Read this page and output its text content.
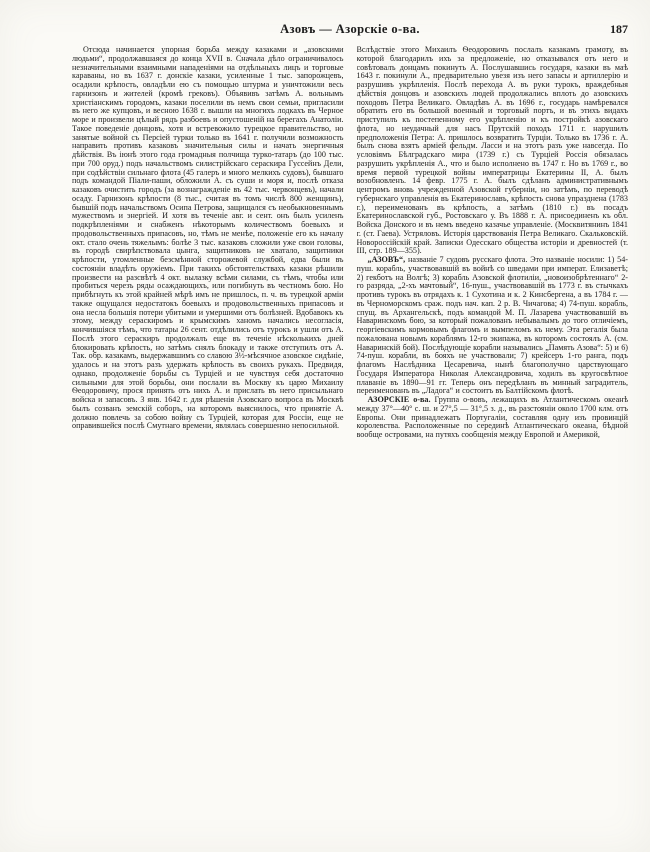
Азовъ — Азорскіе о-ва.	187

Отсюда начинается упорная борьба между казаками и „азовскими людьми“, продолжавшаяся до конца XVII в. Сначала дѣло ограничивалось незначительными взаимными нападеніями на отдѣльныхъ лицъ и торговые караваны, но въ 1637 г. донскіе казаки, усиленные 1 тыс. запорожцевъ, осадили крѣпость, овладѣли ею съ помощью штурма и уничтожили весь гарнизонъ и жителей (кромѣ грековъ). Объявивъ затѣмъ А. вольнымъ христіанскимъ городомъ, казаки поселили въ немъ свои семьи, пригласили въ него же купцовъ, и весною 1638 г. вышли на многихъ лодкахъ въ Черное море и произвели цѣлый рядъ разбоевъ и опустошеній на берегахъ Анатоліи. Такое поведеніе донцовъ, хотя и встревожило турецкое правительство, но занятые войной съ Персіей турки только въ 1641 г. получили возможность направить противъ казаковъ значительныя силы и начать энергичныя дѣйствія. Въ іюнѣ этого года громадныя полчища турко-татаръ (до 100 тыс. при 700 оруд.) подъ начальствомъ силистрійскаго сераскира Гуссейнъ Дели, при содѣйствіи сильнаго флота (45 галеръ и много мелкихъ судовъ), бывшаго подъ командой Піали-паши, обложили А. съ суши и моря и, послѣ отказа казаковъ очистить городъ (за вознагражденіе въ 42 тыс. червонцевъ), начали осаду. Гарнизонъ крѣпости (8 тыс., считая въ томъ числѣ 800 женщинъ), бывшій подъ начальствомъ Осипа Петрова, защищался съ необыкновеннымъ мужествомъ и энергіей. И хотя въ теченіе авг. и сент. онъ былъ усиленъ подкрѣпленіями и снабженъ нѣкоторымъ количествомъ боевыхъ и продовольственныхъ припасовъ, но, тѣмъ не менѣе, положеніе его къ началу окт. стало очень тяжелымъ: болѣе 3 тыс. казаковъ сложили уже свои головы, въ городѣ свирѣпствовала цынга, защитниковъ не хватало, защитники крѣпости, утомленные безсмѣнной сторожевой службой, едва были въ состояніи владѣть оружіемъ. При такихъ обстоятельствахъ казаки рѣшили произвести на разсвѣтѣ 4 окт. вылазку всѣми силами, съ тѣмъ, чтобы или пробиться черезъ ряды осаждающихъ, или погибнуть въ честномъ бою. Но прибѣгнуть къ этой крайней мѣрѣ имъ не пришлось, п. ч. въ турецкой арміи также ощущался недостатокъ боевыхъ и продовольственныхъ припасовъ и она несла большія потери убитыми и умершими отъ болѣзней. Вдобавокъ къ этому, между сераскиромъ и крымскимъ ханомъ начались несогласія, кончившіяся тѣмъ, что татары 26 сент. отдѣлились отъ турокъ и ушли отъ А. Послѣ этого сераскиръ продолжалъ еще въ теченіе нѣсколькихъ дней блокировать крѣпость, но затѣмъ снялъ блокаду и также отступилъ отъ А. Так. обр. казакамъ, выдержавшимъ со славою 3½-мѣсячное азовское сидѣніе, удалось и на этотъ разъ удержать крѣпость въ своихъ рукахъ. Предвидя, однако, продолженіе борьбы съ Турціей и не чувствуя себя достаточно сильными для этой борьбы, они послали въ Москву къ царю Михаилу Ѳеодоровичу, прося принять отъ нихъ А. и прислать въ него присыльнаго войска и запасовъ. 3 янв. 1642 г. для рѣшенія Азовскаго вопроса въ Москвѣ былъ созванъ земскій соборъ, на которомъ выяснилось, что принятіе А. должно повлечь за собою войну съ Турціей, которая для Россіи, еще не оправившейся послѣ Смутнаго времени, являлась совершенно непосильной.

Вслѣдствіе этого Михаилъ Ѳеодоровичъ послалъ казакамъ грамоту, въ которой благодарилъ ихъ за предложеніе, но отказывался отъ него и совѣтовалъ донцамъ покинуть А. Послушавшись государя, казаки въ маѣ 1643 г. покинули А., предварительно увезя изъ него запасы и артиллерію и разрушивъ укрѣпленія. Послѣ перехода А. въ руки турокъ, враждебныя дѣйствія донцовъ и азовскихъ людей продолжались вплоть до азовскихъ походовъ Петра Великаго. Овладѣвъ А. въ 1696 г., государь намѣревался обратить его въ большой военный и торговый портъ, и въ этихъ видахъ приступилъ къ постепенному его укрѣпленію и къ постройкѣ азовскаго флота, но неудачный для насъ Прутскій походъ 1711 г. нарушилъ предположенія Петра: А. пришлось возвратить Турціи. Только въ 1736 г. А. былъ снова взятъ арміей фельдм. Ласси и на этотъ разъ уже навсегда. По условіямъ Бѣлградскаго мира (1739 г.) съ Турціей Россія обязалась разрушить укрѣпленія А., что и было исполнено въ 1747 г. Но въ 1769 г., во время первой турецкой войны императрицы Екатерины II, А. былъ возобновленъ. 14 февр. 1775 г. А. былъ сдѣланъ административнымъ центромъ вновь учрежденной Азовской губерніи, но затѣмъ, по переводѣ губернскаго управленія въ Екатеринославъ, крѣпость снова упразднена (1783 г.), переименованъ въ крѣпость, а затѣмъ (1810 г.) въ посадъ Екатеринославской губ., Ростовскаго у. Въ 1888 г. А. присоединенъ къ обл. Войска Донского и въ немъ введено казачье управленіе. (Москвитянинъ 1841 г. (ст. Гаева). Устряловъ. Исторія царствованія Петра Великаго. Скальковскій. Новороссійскій край. Записки Одесскаго общества исторіи и древностей (т. III, стр. 189—355).

„АЗОВЪ“, названіе 7 судовъ русскаго флота. Это названіе носили: 1) 54-пуш. корабль, участвовавшій въ войнѣ со шведами при императ. Елизаветѣ; 2) гекботъ на Волгѣ; 3) корабль Азовской флотиліи, „новоизобрѣтеннаго“ 2-го разряда, „2-хъ мачтовый“, 16-пуш., участвовавшій въ 1773 г. въ стычкахъ противъ турокъ въ отрядахъ к. 1 Сухотина и к. 2 Кинсбергена, а въ 1784 г. — въ Черноморскомъ сраж. подъ нач. кап. 2 р. В. Чичагова; 4) 74-пуш. корабль, спущ. въ Архангельскѣ, подъ командой М. П. Лазарева участвовавшій въ Наваринскомъ бою, за который пожалованъ небывалымъ до того отличіемъ, георгіевскимъ кормовымъ флагомъ и вымпеломъ къ нему. Эта регалія была пожалована новымъ кораблямъ 12-го экипажа, въ которомъ состоялъ А. (см. Наваринскій бой). Послѣдующіе корабли назывались „Память Азова“: 5) и 6) 74-пуш. корабли, въ бояхъ не участвовали; 7) крейсеръ 1-го ранга, подъ флагомъ Наслѣдника Цесаревича, нынѣ благополучно царствующаго Государя Императора Николая Александровича, ходилъ въ кругосвѣтное плаваніе въ 1890—91 гг. Теперь онъ передѣланъ въ минный заградитель, переименованъ въ „Ладога“ и состоитъ въ Балтійскомъ флотѣ.

АЗОРСКІЕ о-ва. Группа о-вовъ, лежащихъ въ Атлантическомъ океанѣ между 37°—40° с. ш. и 27°,5 — 31°,5 з. д., въ разстояніи около 1700 клм. отъ Европы. Они принадлежатъ Португаліи, составляя одну изъ провинцій королевства. Расположенные по серединѣ Атлантическаго океана, бѣдной вообще островами, на путяхъ сообщенія между Европой и Америкой,
